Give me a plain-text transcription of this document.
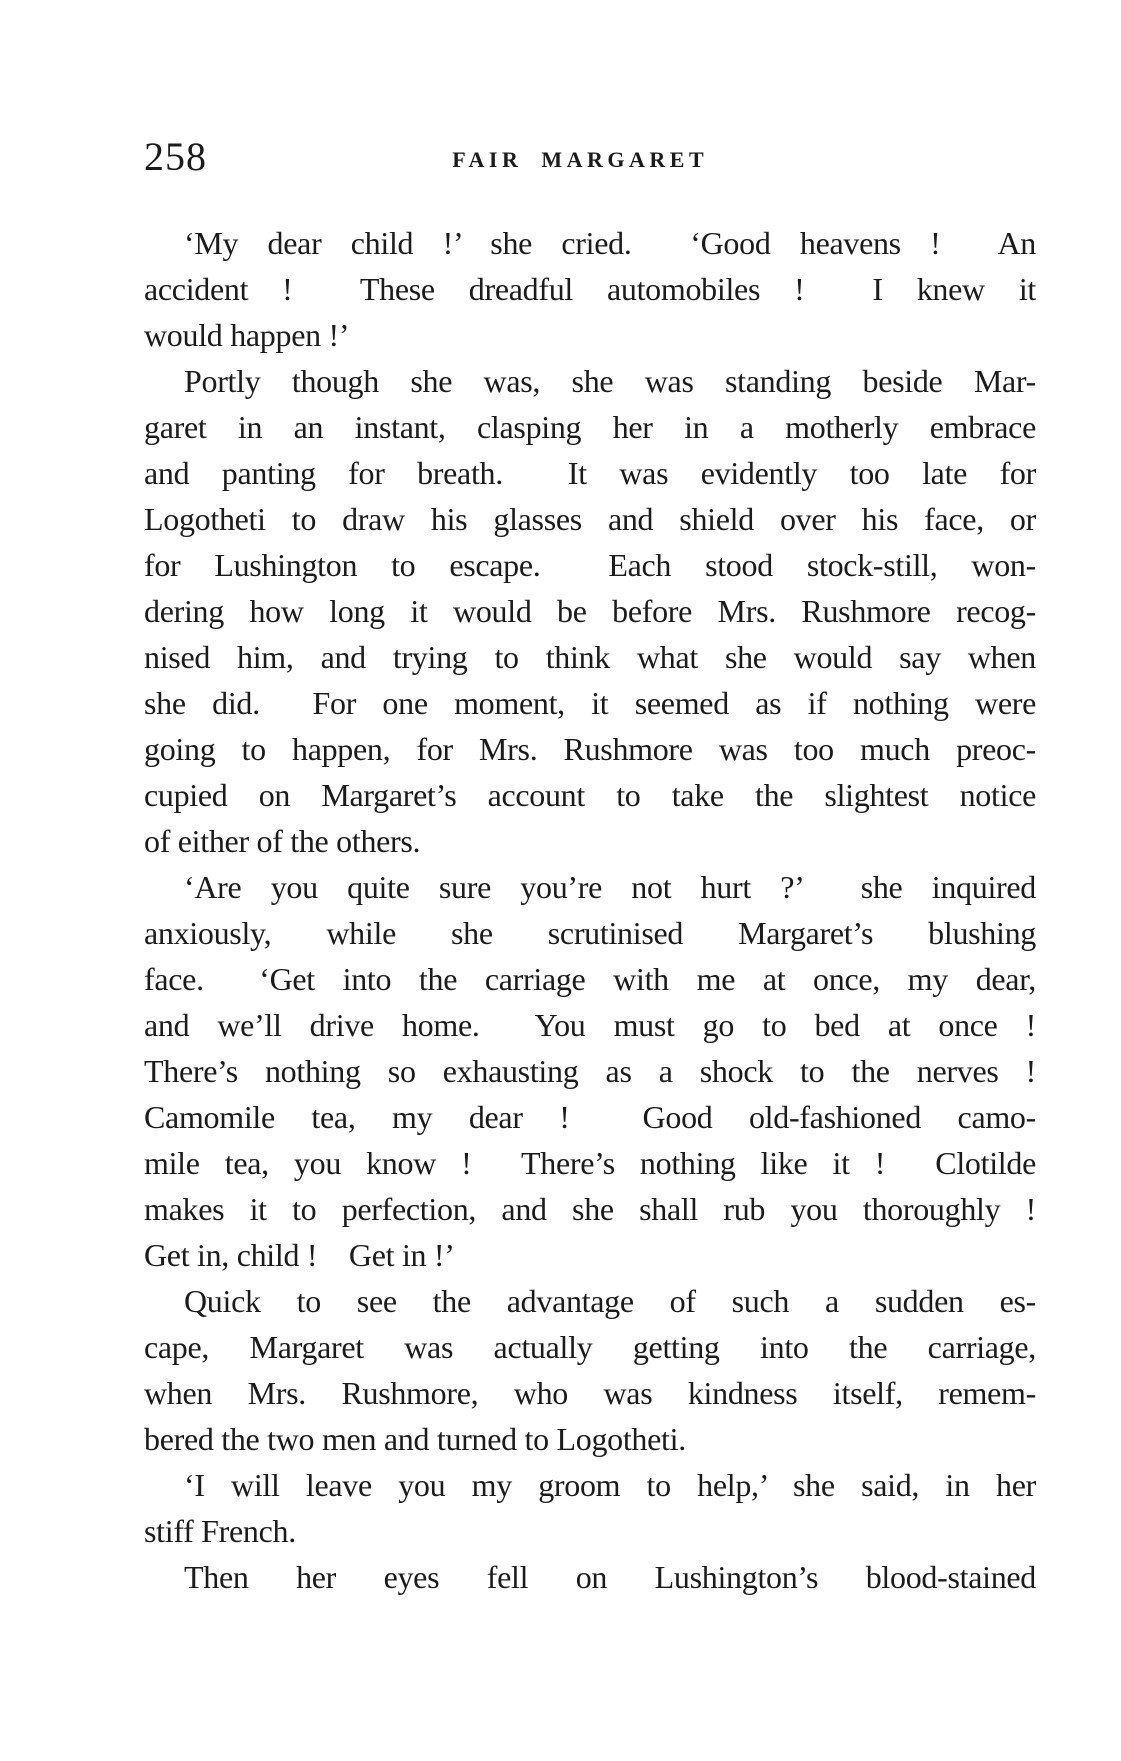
258	FAIR MARGARET
‘My dear child !’ she cried.  ‘Good heavens !  An
accident !  These dreadful automobiles !  I knew it
would happen !’
Portly though she was, she was standing beside Mar-
garet in an instant, clasping her in a motherly embrace
and panting for breath.  It was evidently too late for
Logotheti to draw his glasses and shield over his face, or
for Lushington to escape.  Each stood stock-still, won-
dering how long it would be before Mrs. Rushmore recog-
nised him, and trying to think what she would say when
she did.  For one moment, it seemed as if nothing were
going to happen, for Mrs. Rushmore was too much preoc-
cupied on Margaret’s account to take the slightest notice
of either of the others.
‘Are you quite sure you’re not hurt ?’  she inquired
anxiously, while she scrutinised Margaret’s blushing
face.  ‘Get into the carriage with me at once, my dear,
and we’ll drive home.  You must go to bed at once !
There’s nothing so exhausting as a shock to the nerves !
Camomile tea, my dear !  Good old-fashioned camo-
mile tea, you know !  There’s nothing like it !  Clotilde
makes it to perfection, and she shall rub you thoroughly !
Get in, child ! Get in !’
Quick to see the advantage of such a sudden es-
cape, Margaret was actually getting into the carriage,
when Mrs. Rushmore, who was kindness itself, remem-
bered the two men and turned to Logotheti.
‘I will leave you my groom to help,’ she said, in her
stiff French.
Then her eyes fell on Lushington’s blood-stained
